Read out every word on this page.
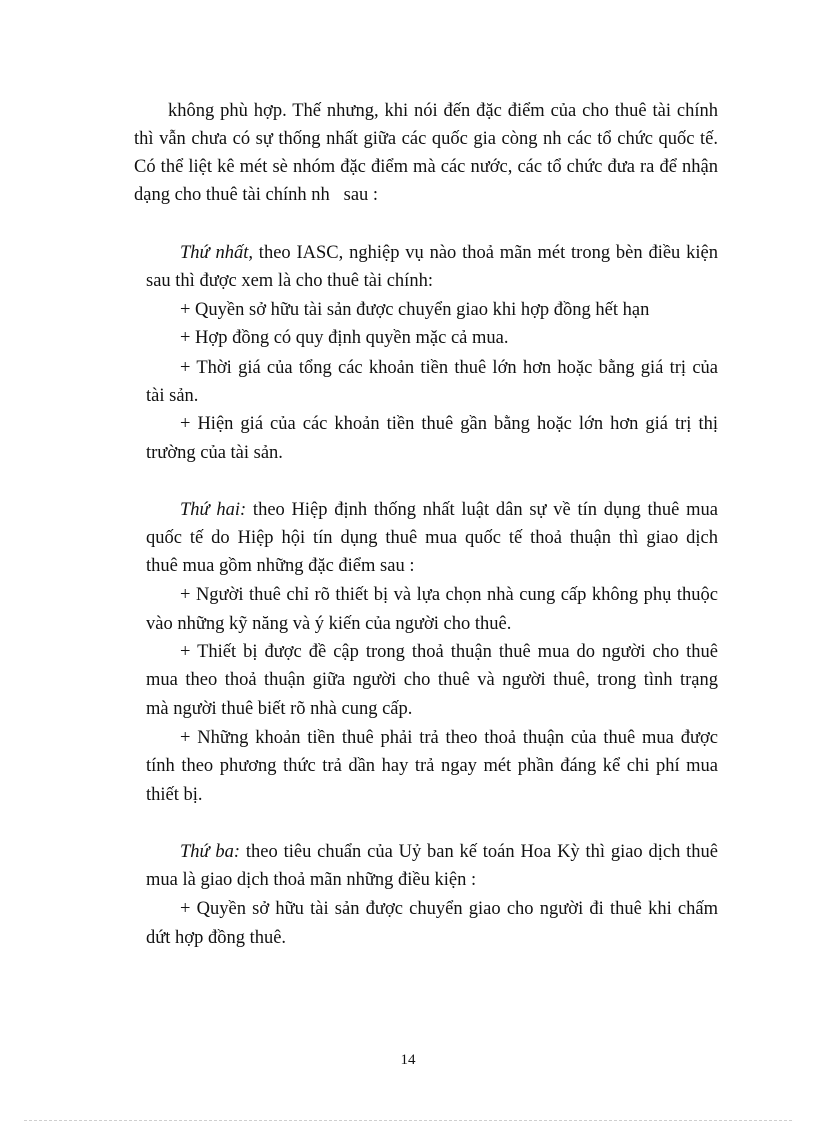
không phù hợp. Thế nhưng, khi nói đến đặc điểm của cho thuê tài chính
thì vẫn chưa có sự thống nhất giữa các quốc gia còng nh các tổ chức quốc tế.
Có thể liệt kê mét sè nhóm đặc điểm mà các nước, các tổ chức đưa ra để nhận
dạng cho thuê tài chính nh   sau :
Thứ nhất, theo IASC, nghiệp vụ nào thoả mãn mét trong bèn điều kiện
sau thì được xem là cho thuê tài chính:
+ Quyền sở hữu tài sản được chuyển giao khi hợp đồng hết hạn
+ Hợp đồng có quy định quyền mặc cả mua.
+ Thời giá của tổng các khoản tiền thuê lớn hơn hoặc bằng giá trị của
tài sản.
+ Hiện giá của các khoản tiền thuê gần bằng hoặc lớn hơn giá trị thị
trường của tài sản.
Thứ hai: theo Hiệp định thống nhất luật dân sự về tín dụng thuê mua
quốc tế do Hiệp hội tín dụng thuê mua quốc tế thoả thuận thì giao dịch
thuê mua gồm những đặc điểm sau :
+ Người thuê chỉ rõ thiết bị và lựa chọn nhà cung cấp không phụ thuộc
vào những kỹ năng và ý kiến của người cho thuê.
+ Thiết bị được đề cập trong thoả thuận thuê mua do người cho thuê
mua theo thoả thuận giữa người cho thuê và người thuê, trong tình trạng
mà người thuê biết rõ nhà cung cấp.
+ Những khoản tiền thuê phải trả theo thoả thuận của thuê mua được
tính theo phương thức trả dần hay trả ngay mét phần đáng kể chi phí mua
thiết bị.
Thứ ba: theo tiêu chuẩn của Uỷ ban kế toán Hoa Kỳ thì giao dịch thuê
mua là giao dịch thoả mãn những điều kiện :
+ Quyền sở hữu tài sản được chuyển giao cho người đi thuê khi chấm
dứt hợp đồng thuê.
14
